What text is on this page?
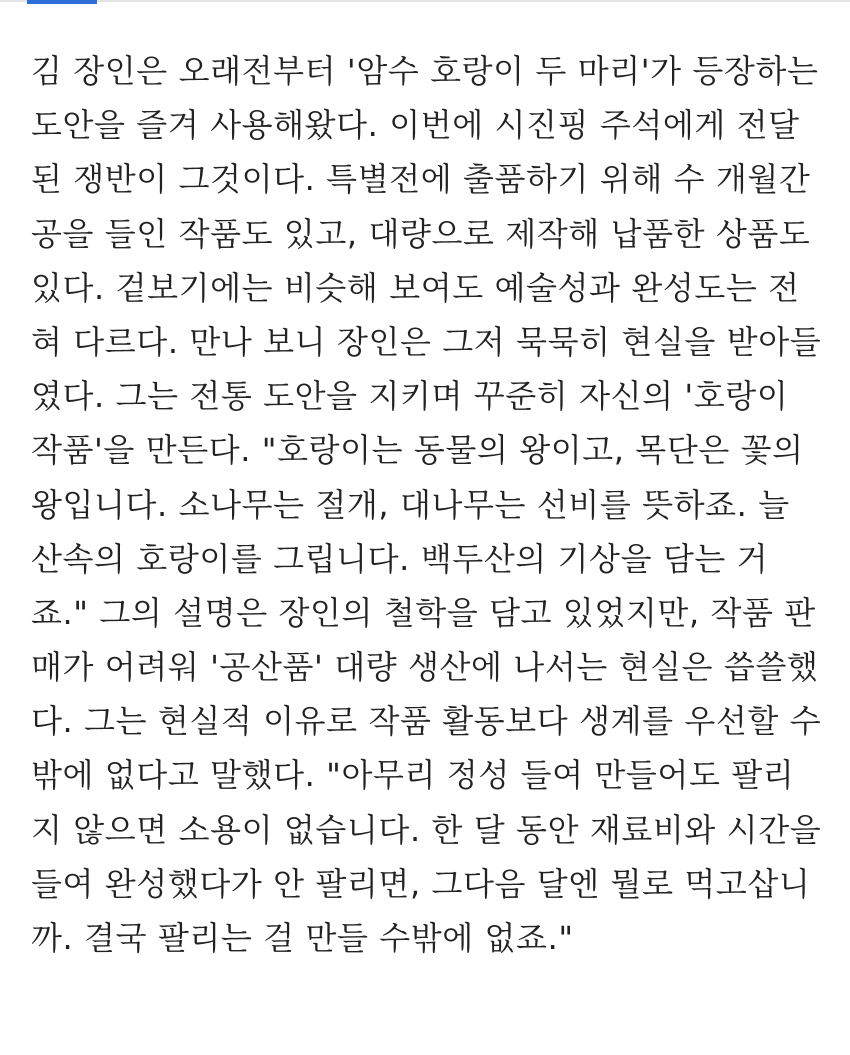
김 장인은 오래전부터 '암수 호랑이 두 마리'가 등장하는
도안을 즐겨 사용해왔다. 이번에 시진핑 주석에게 전달
된 쟁반이 그것이다. 특별전에 출품하기 위해 수 개월간
공을 들인 작품도 있고, 대량으로 제작해 납품한 상품도
있다. 겉보기에는 비슷해 보여도 예술성과 완성도는 전
혀 다르다. 만나 보니 장인은 그저 묵묵히 현실을 받아들
였다. 그는 전통 도안을 지키며 꾸준히 자신의 '호랑이
작품'을 만든다. "호랑이는 동물의 왕이고, 목단은 꽃의
왕입니다. 소나무는 절개, 대나무는 선비를 뜻하죠. 늘
산속의 호랑이를 그립니다. 백두산의 기상을 담는 거
죠." 그의 설명은 장인의 철학을 담고 있었지만, 작품 판
매가 어려워 '공산품' 대량 생산에 나서는 현실은 씁쓸했
다. 그는 현실적 이유로 작품 활동보다 생계를 우선할 수
밖에 없다고 말했다. "아무리 정성 들여 만들어도 팔리
지 않으면 소용이 없습니다. 한 달 동안 재료비와 시간을
들여 완성했다가 안 팔리면, 그다음 달엔 뭘로 먹고삽니
까. 결국 팔리는 걸 만들 수밖에 없죠."
